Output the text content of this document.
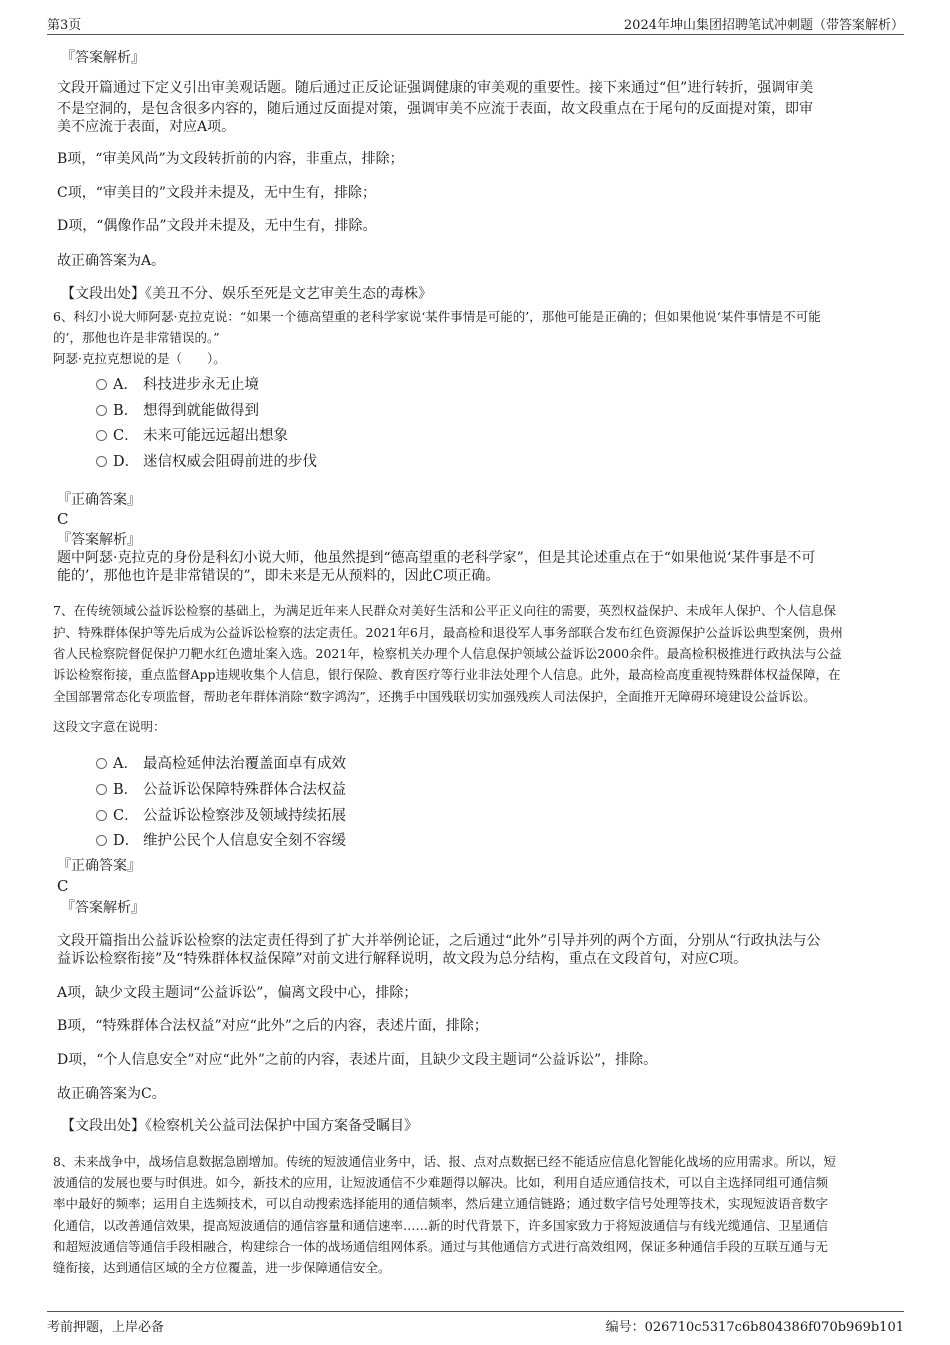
第3页	2024年坤山集团招聘笔试冲刺题（带答案解析）
『答案解析』
文段开篇通过下定义引出审美观话题。随后通过正反论证强调健康的审美观的重要性。接下来通过“但”进行转折，强调审美
不是空洞的，是包含很多内容的，随后通过反面提对策，强调审美不应流于表面，故文段重点在于尾句的反面提对策，即审
美不应流于表面，对应A项。
B项，“审美风尚”为文段转折前的内容，非重点，排除；
C项，“审美目的”文段并未提及，无中生有，排除；
D项，“偶像作品”文段并未提及，无中生有，排除。
故正确答案为A。
【文段出处】《美丑不分、娱乐至死是文艺审美生态的毒株》
6、科幻小说大师阿瑟·克拉克说：“如果一个德高望重的老科学家说‘某件事情是可能的’，那他可能是正确的；但如果他说‘某件事情是不可能
的’，那他也许是非常错误的。”
阿瑟·克拉克想说的是（　　）。
A． 科技进步永无止境
B． 想得到就能做得到
C． 未来可能远远超出想象
D． 迷信权威会阻碍前进的步伐
『正确答案』
C
『答案解析』
题中阿瑟·克拉克的身份是科幻小说大师，他虽然提到“德高望重的老科学家”，但是其论述重点在于“如果他说‘某件事是不可
能的’，那他也许是非常错误的”，即未来是无从预料的，因此C项正确。
7、在传统领域公益诉讼检察的基础上，为满足近年来人民群众对美好生活和公平正义向往的需要，英烈权益保护、未成年人保护、个人信息保
护、特殊群体保护等先后成为公益诉讼检察的法定责任。2021年6月，最高检和退役军人事务部联合发布红色资源保护公益诉讼典型案例，贵州
省人民检察院督促保护刀靶水红色遗址案入选。2021年，检察机关办理个人信息保护领域公益诉讼2000余件。最高检积极推进行政执法与公益
诉讼检察衔接，重点监督App违规收集个人信息，银行保险、教育医疗等行业非法处理个人信息。此外，最高检高度重视特殊群体权益保障，在
全国部署常态化专项监督，帮助老年群体消除“数字鸿沟”，还携手中国残联切实加强残疾人司法保护，全面推开无障碍环境建设公益诉讼。
这段文字意在说明：
A． 最高检延伸法治覆盖面卓有成效
B． 公益诉讼保障特殊群体合法权益
C． 公益诉讼检察涉及领域持续拓展
D． 维护公民个人信息安全刻不容缓
『正确答案』
C
『答案解析』
文段开篇指出公益诉讼检察的法定责任得到了扩大并举例论证，之后通过“此外”引导并列的两个方面，分别从“行政执法与公
益诉讼检察衔接”及“特殊群体权益保障”对前文进行解释说明，故文段为总分结构，重点在文段首句，对应C项。
A项，缺少文段主题词“公益诉讼”，偏离文段中心，排除；
B项，“特殊群体合法权益”对应“此外”之后的内容，表述片面，排除；
D项，“个人信息安全”对应“此外”之前的内容，表述片面，且缺少文段主题词“公益诉讼”，排除。
故正确答案为C。
【文段出处】《检察机关公益司法保护中国方案备受瞩目》
8、未来战争中，战场信息数据急剧增加。传统的短波通信业务中，话、报、点对点数据已经不能适应信息化智能化战场的应用需求。所以，短
波通信的发展也要与时俱进。如今，新技术的应用，让短波通信不少难题得以解决。比如，利用自适应通信技术，可以自主选择同组可通信频
率中最好的频率；运用自主选频技术，可以自动搜索选择能用的通信频率，然后建立通信链路；通过数字信号处理等技术，实现短波语音数字
化通信，以改善通信效果，提高短波通信的通信容量和通信速率……新的时代背景下，许多国家致力于将短波通信与有线光缆通信、卫星通信
和超短波通信等通信手段相融合，构建综合一体的战场通信组网体系。通过与其他通信方式进行高效组网，保证多种通信手段的互联互通与无
缝衔接，达到通信区域的全方位覆盖，进一步保障通信安全。
考前押题，上岸必备	编号：026710c5317c6b804386f070b969b101
